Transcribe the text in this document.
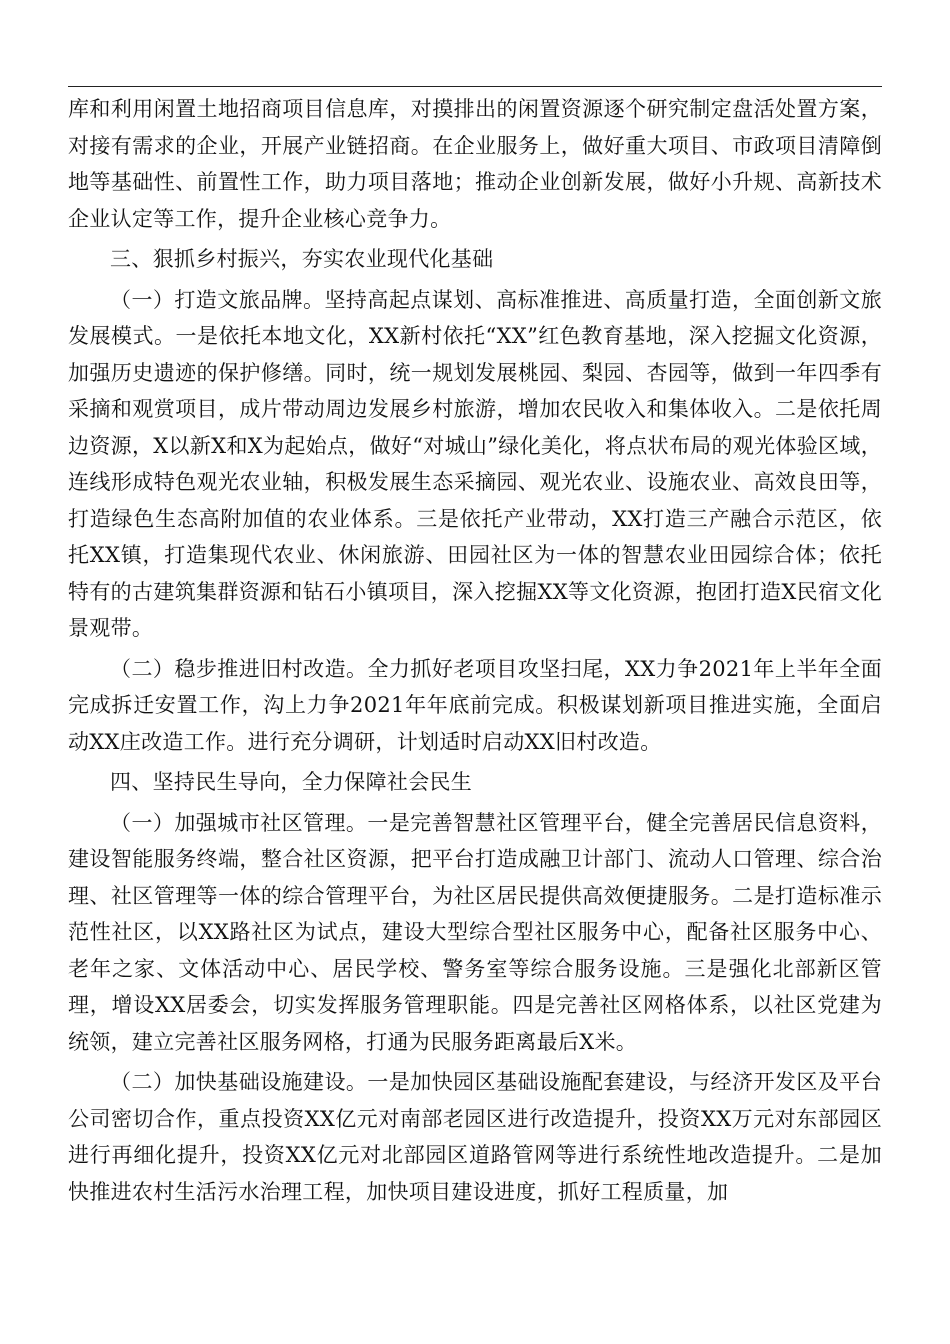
库和利用闲置土地招商项目信息库，对摸排出的闲置资源逐个研究制定盘活处置方案，对接有需求的企业，开展产业链招商。在企业服务上，做好重大项目、市政项目清障倒地等基础性、前置性工作，助力项目落地；推动企业创新发展，做好小升规、高新技术企业认定等工作，提升企业核心竞争力。

三、狠抓乡村振兴，夯实农业现代化基础

（一）打造文旅品牌。坚持高起点谋划、高标准推进、高质量打造，全面创新文旅发展模式。一是依托本地文化，XX新村依托“XX”红色教育基地，深入挖掘文化资源，加强历史遗迹的保护修缮。同时，统一规划发展桃园、梨园、杏园等，做到一年四季有采摘和观赏项目，成片带动周边发展乡村旅游，增加农民收入和集体收入。二是依托周边资源，X以新X和X为起始点，做好“对城山”绿化美化，将点状布局的观光体验区域，连线形成特色观光农业轴，积极发展生态采摘园、观光农业、设施农业、高效良田等，打造绿色生态高附加值的农业体系。三是依托产业带动，XX打造三产融合示范区，依托XX镇，打造集现代农业、休闲旅游、田园社区为一体的智慧农业田园综合体；依托特有的古建筑集群资源和钻石小镇项目，深入挖掘XX等文化资源，抱团打造X民宿文化景观带。

（二）稳步推进旧村改造。全力抓好老项目攻坚扫尾，XX力争2021年上半年全面完成拆迁安置工作，沟上力争2021年年底前完成。积极谋划新项目推进实施，全面启动XX庄改造工作。进行充分调研，计划适时启动XX旧村改造。

四、坚持民生导向，全力保障社会民生

（一）加强城市社区管理。一是完善智慧社区管理平台，健全完善居民信息资料，建设智能服务终端，整合社区资源，把平台打造成融卫计部门、流动人口管理、综合治理、社区管理等一体的综合管理平台，为社区居民提供高效便捷服务。二是打造标准示范性社区，以XX路社区为试点，建设大型综合型社区服务中心，配备社区服务中心、老年之家、文体活动中心、居民学校、警务室等综合服务设施。三是强化北部新区管理，增设XX居委会，切实发挥服务管理职能。四是完善社区网格体系，以社区党建为统领，建立完善社区服务网格，打通为民服务距离最后X米。

（二）加快基础设施建设。一是加快园区基础设施配套建设，与经济开发区及平台公司密切合作，重点投资XX亿元对南部老园区进行改造提升，投资XX万元对东部园区进行再细化提升，投资XX亿元对北部园区道路管网等进行系统性地改造提升。二是加快推进农村生活污水治理工程，加快项目建设进度，抓好工程质量，加
